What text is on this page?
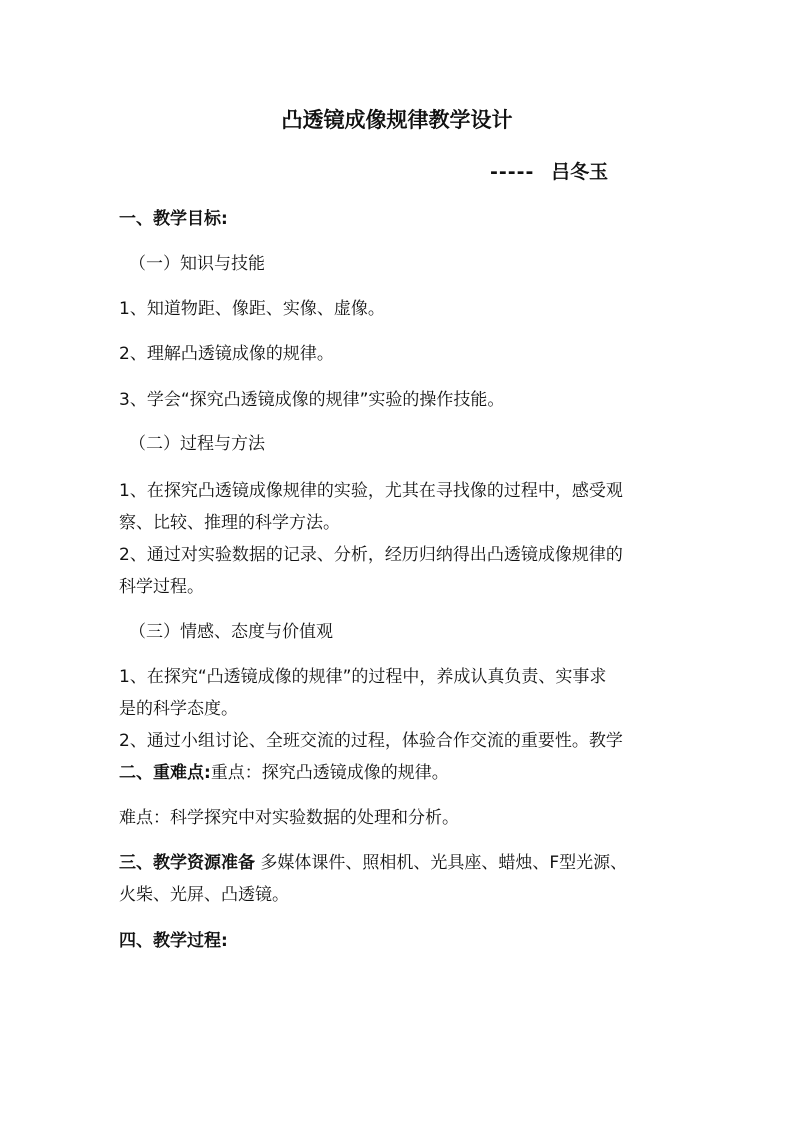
凸透镜成像规律教学设计
----- 吕冬玉
一、教学目标:
（一）知识与技能
1、知道物距、像距、实像、虚像。
2、理解凸透镜成像的规律。
3、学会“探究凸透镜成像的规律”实验的操作技能。
（二）过程与方法
1、在探究凸透镜成像规律的实验，尤其在寻找像的过程中，感受观
察、比较、推理的科学方法。
2、通过对实验数据的记录、分析，经历归纳得出凸透镜成像规律的
科学过程。
（三）情感、态度与价值观
1、在探究“凸透镜成像的规律”的过程中，养成认真负责、实事求
是的科学态度。
2、通过小组讨论、全班交流的过程，体验合作交流的重要性。教学
二、重难点:重点：探究凸透镜成像的规律。
难点：科学探究中对实验数据的处理和分析。
三、教学资源准备 多媒体课件、照相机、光具座、蜡烛、F型光源、
火柴、光屏、凸透镜。
四、教学过程:
